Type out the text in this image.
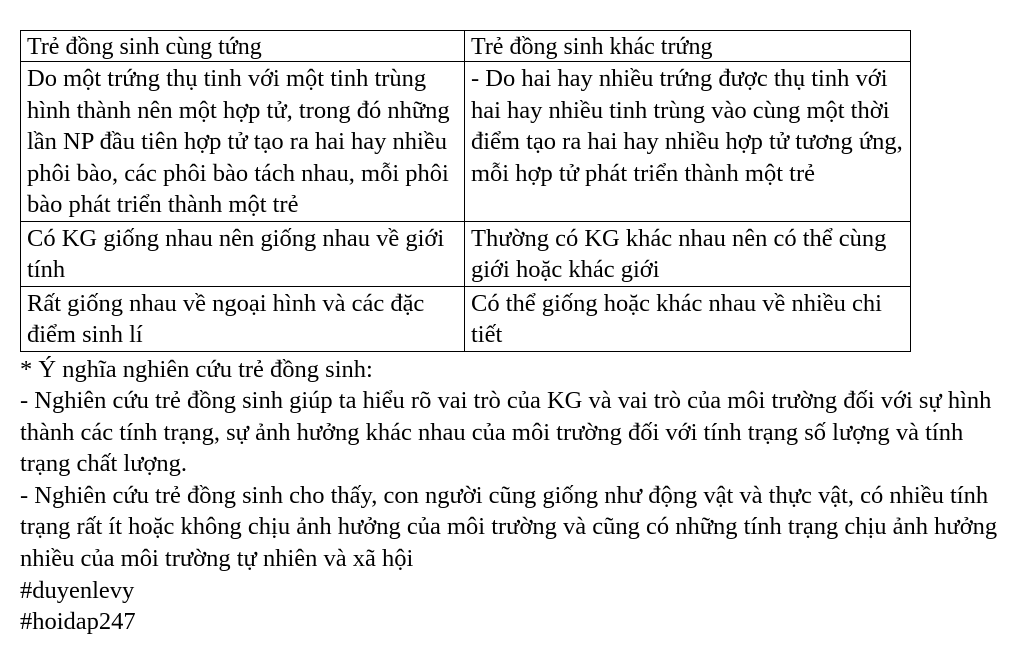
Trẻ đồng sinh cùng tứng	Trẻ đồng sinh khác trứng
Do một trứng thụ tinh với một tinh trùng hình thành nên một hợp tử, trong đó những lần NP đầu tiên hợp tử tạo ra hai hay nhiều phôi bào, các phôi bào tách nhau, mỗi phôi bào phát triển thành một trẻ	- Do hai hay nhiều trứng được thụ tinh với hai hay nhiều tinh trùng vào cùng một thời điểm tạo ra hai hay nhiều hợp tử tương ứng, mỗi hợp tử phát triển thành một trẻ
Có KG giống nhau nên giống nhau về giới tính	Thường có KG khác nhau nên có thể cùng giới hoặc khác giới
Rất giống nhau về ngoại hình và các đặc điểm sinh lí	Có thể giống hoặc khác nhau về nhiều chi tiết

* Ý nghĩa nghiên cứu trẻ đồng sinh:

- Nghiên cứu trẻ đồng sinh giúp ta hiểu rõ vai trò của KG và vai trò của môi trường đối với sự hình thành các tính trạng, sự ảnh hưởng khác nhau của môi trường đối với tính trạng số lượng và tính trạng chất lượng.

- Nghiên cứu trẻ đồng sinh cho thấy, con người cũng giống như động vật và thực vật, có nhiều tính trạng rất ít hoặc không chịu ảnh hưởng của môi trường và cũng có những tính trạng chịu ảnh hưởng nhiều của môi trường tự nhiên và xã hội

#duyenlevy

#hoidap247
